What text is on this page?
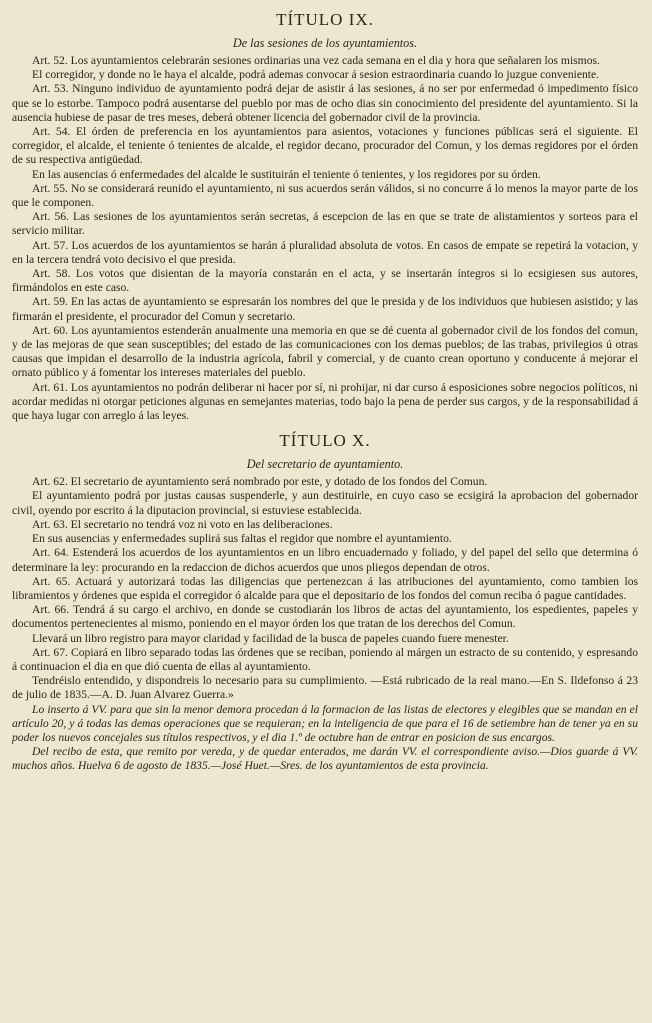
TÍTULO IX.
De las sesiones de los ayuntamientos.

Art. 52. Los ayuntamientos celebrarán sesiones ordinarias una vez cada semana en el dia y hora que señalaren los mismos.

El corregidor, y donde no le haya el alcalde, podrá ademas convocar á sesion estraordinaria cuando lo juzgue conveniente.

Art. 53. Ninguno individuo de ayuntamiento podrá dejar de asistir á las sesiones, á no ser por enfermedad ó impedimento físico que se lo estorbe. Tampoco podrá ausentarse del pueblo por mas de ocho dias sin conocimiento del presidente del ayuntamiento. Si la ausencia hubiese de pasar de tres meses, deberá obtener licencia del gobernador civil de la provincia.

Art. 54. El órden de preferencia en los ayuntamientos para asientos, votaciones y funciones públicas será el siguiente. El corregidor, el alcalde, el teniente ó tenientes de alcalde, el regidor decano, procurador del Comun, y los demas regidores por el órden de su respectiva antigüedad.

En las ausencias ó enfermedades del alcalde le sustituirán el teniente ó tenientes, y los regidores por su órden.

Art. 55. No se considerará reunido el ayuntamiento, ni sus acuerdos serán válidos, si no concurre á lo menos la mayor parte de los que le componen.

Art. 56. Las sesiones de los ayuntamientos serán secretas, á escepcion de las en que se trate de alistamientos y sorteos para el servicio militar.

Art. 57. Los acuerdos de los ayuntamientos se harán á pluralidad absoluta de votos. En casos de empate se repetirá la votacion, y en la tercera tendrá voto decisivo el que presida.

Art. 58. Los votos que disientan de la mayoría constarán en el acta, y se insertarán íntegros si lo ecsigiesen sus autores, firmándolos en este caso.

Art. 59. En las actas de ayuntamiento se espresarán los nombres del que le presida y de los individuos que hubiesen asistido; y las firmarán el presidente, el procurador del Comun y secretario.

Art. 60. Los ayuntamientos estenderán anualmente una memoria en que se dé cuenta al gobernador civil de los fondos del comun, y de las mejoras de que sean susceptibles; del estado de las comunicaciones con los demas pueblos; de las trabas, privilegios ú otras causas que impidan el desarrollo de la industria agrícola, fabril y comercial, y de cuanto crean oportuno y conducente á mejorar el ornato público y á fomentar los intereses materiales del pueblo.

Art. 61. Los ayuntamientos no podrán deliberar ni hacer por sí, ni prohijar, ni dar curso á esposiciones sobre negocios políticos, ni acordar medidas ni otorgar peticiones algunas en semejantes materias, todo bajo la pena de perder sus cargos, y de la responsabilidad á que haya lugar con arreglo á las leyes.

TÍTULO X.
Del secretario de ayuntamiento.

Art. 62. El secretario de ayuntamiento será nombrado por este, y dotado de los fondos del Comun.

El ayuntamiento podrá por justas causas suspenderle, y aun destituirle, en cuyo caso se ecsigirá la aprobacion del gobernador civil, oyendo por escrito á la diputacion provincial, si estuviese establecida.

Art. 63. El secretario no tendrá voz ni voto en las deliberaciones.

En sus ausencias y enfermedades suplirá sus faltas el regidor que nombre el ayuntamiento.

Art. 64. Estenderá los acuerdos de los ayuntamientos en un libro encuadernado y foliado, y del papel del sello que determina ó determinare la ley: procurando en la redaccion de dichos acuerdos que unos pliegos dependan de otros.

Art. 65. Actuará y autorizará todas las diligencias que pertenezcan á las atribuciones del ayuntamiento, como tambien los libramientos y órdenes que espida el corregidor ó alcalde para que el depositario de los fondos del comun reciba ó pague cantidades.

Art. 66. Tendrá á su cargo el archivo, en donde se custodiarán los libros de actas del ayuntamiento, los espedientes, papeles y documentos pertenecientes al mismo, poniendo en el mayor órden los que tratan de los derechos del Comun.

Llevará un libro registro para mayor claridad y facilidad de la busca de papeles cuando fuere menester.

Art. 67. Copiará en libro separado todas las órdenes que se reciban, poniendo al márgen un estracto de su contenido, y espresando á continuacion el dia en que dió cuenta de ellas al ayuntamiento.

Tendréislo entendido, y dispondreis lo necesario para su cumplimiento. —Está rubricado de la real mano.—En S. Ildefonso á 23 de julio de 1835.—A. D. Juan Alvarez Guerra.»

Lo inserto á VV. para que sin la menor demora procedan á la formacion de las listas de electores y elegibles que se mandan en el artículo 20, y á todas las demas operaciones que se requieran; en la inteligencia de que para el 16 de setiembre han de tener ya en su poder los nuevos concejales sus títulos respectivos, y el dia 1.º de octubre han de entrar en posicion de sus encargos.

Del recibo de esta, que remito por vereda, y de quedar enterados, me darán VV. el correspondiente aviso.—Dios guarde á VV. muchos años. Huelva 6 de agosto de 1835.—José Huet.—Sres. de los ayuntamientos de esta provincia.
